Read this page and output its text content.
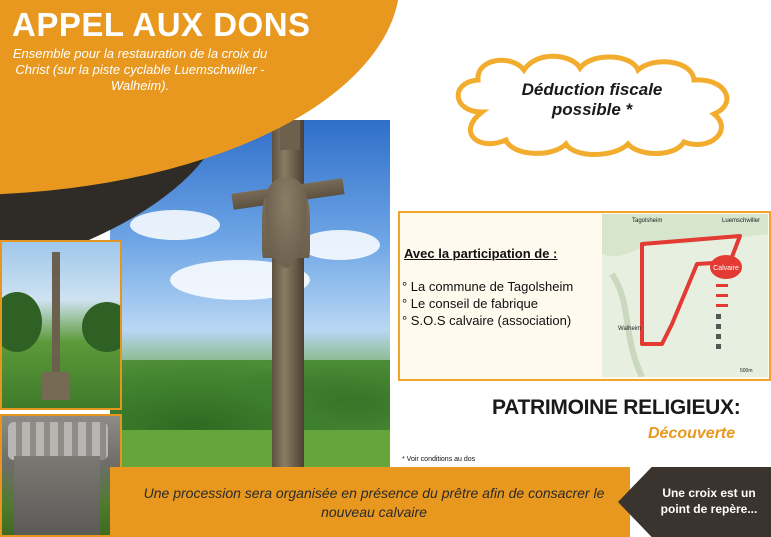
APPEL AUX DONS
Ensemble pour la restauration de la croix du Christ (sur la piste cyclable Luemschwiller - Walheim).	Déduction fiscale possible *
Avec la participation de :
° La commune de Tagolsheim
° Le conseil de fabrique
° S.O.S calvaire (association)
Calvaire
Tagolsheim	Luemschwiller
Walheim
500m
PATRIMOINE RELIGIEUX:
Découverte
* Voir conditions au dos
Une procession sera organisée en présence du prêtre afin de consacrer le nouveau calvaire
Une croix est un point de repère...
